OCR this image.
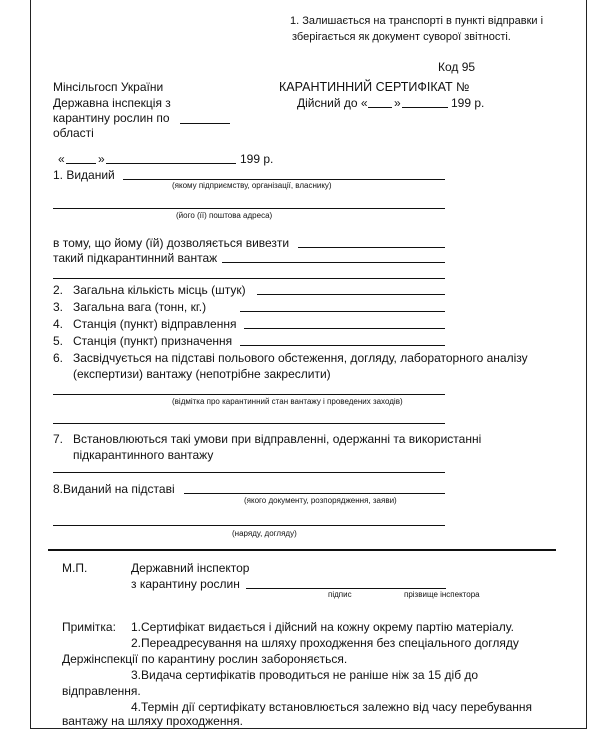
1. Залишається на транспорті в пункті відправки і
зберігається як документ суворої звітності.
Код 95
Мінсільгосп України
Державна інспекція з
карантину рослин по
області
КАРАНТИННИЙ СЕРТИФІКАТ №
Дійсний до « »	199 р.
«	»	199 р.
1. Виданий
(якому підприємству, організації, власнику)
(його (її) поштова адреса)
в тому, що йому (їй) дозволяється вивезти
такий підкарантинний вантаж
2. Загальна кількість місць (штук)
3. Загальна вага (тонн, кг.)
4. Станція (пункт) відправлення
5. Станція (пункт) призначення
6. Засвідчується на підставі польового обстеження, догляду, лабораторного аналізу
(експертизи) вантажу (непотрібне закреслити)
(відмітка про карантинний стан вантажу і проведених заходів)
7. Встановлюються такі умови при відправленні, одержанні та використанні
підкарантинного вантажу
8.Виданий на підставі
(якого документу, розпорядження, заяви)
(наряду, догляду)
М.П.	Державний інспектор
з карантину рослин
підпис	прізвище інспектора
Примітка: 1.Сертифікат видається і дійсний на кожну окрему партію матеріалу.
2.Переадресування на шляху проходження без спеціального догляду
Держінспекції по карантину рослин забороняється.
3.Видача сертифікатів проводиться не раніше ніж за 15 діб до
відправлення.
4.Термін дії сертифікату встановлюється залежно від часу перебування
вантажу на шляху проходження.
